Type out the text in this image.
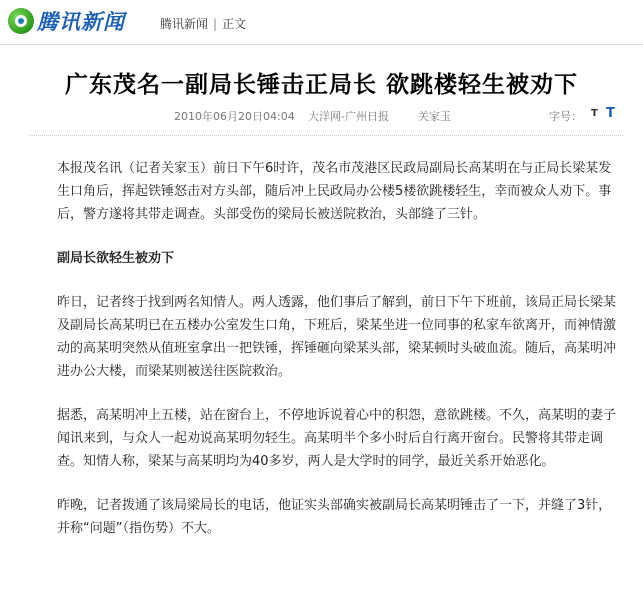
腾讯新闻	腾讯新闻 | 正文
广东茂名一副局长锤击正局长 欲跳楼轻生被劝下
2010年06月20日04:04 大洋网-广州日报	关家玉	字号： T T

本报茂名讯（记者关家玉）前日下午6时许，茂名市茂港区民政局副局长高某明在与正局长梁某发生口角后，挥起铁锤怒击对方头部，随后冲上民政局办公楼5楼欲跳楼轻生，幸而被众人劝下。事后，警方遂将其带走调查。头部受伤的梁局长被送院救治，头部缝了三针。

副局长欲轻生被劝下

昨日，记者终于找到两名知情人。两人透露，他们事后了解到，前日下午下班前，该局正局长梁某及副局长高某明已在五楼办公室发生口角，下班后，梁某坐进一位同事的私家车欲离开，而神情激动的高某明突然从值班室拿出一把铁锤，挥锤砸向梁某头部，梁某顿时头破血流。随后，高某明冲进办公大楼，而梁某则被送往医院救治。

据悉，高某明冲上五楼，站在窗台上，不停地诉说着心中的积怨，意欲跳楼。不久，高某明的妻子闻讯来到，与众人一起劝说高某明勿轻生。高某明半个多小时后自行离开窗台。民警将其带走调查。知情人称，梁某与高某明均为40多岁，两人是大学时的同学，最近关系开始恶化。

昨晚，记者拨通了该局梁局长的电话，他证实头部确实被副局长高某明锤击了一下，并缝了3针，并称“问题”（指伤势）不大。
